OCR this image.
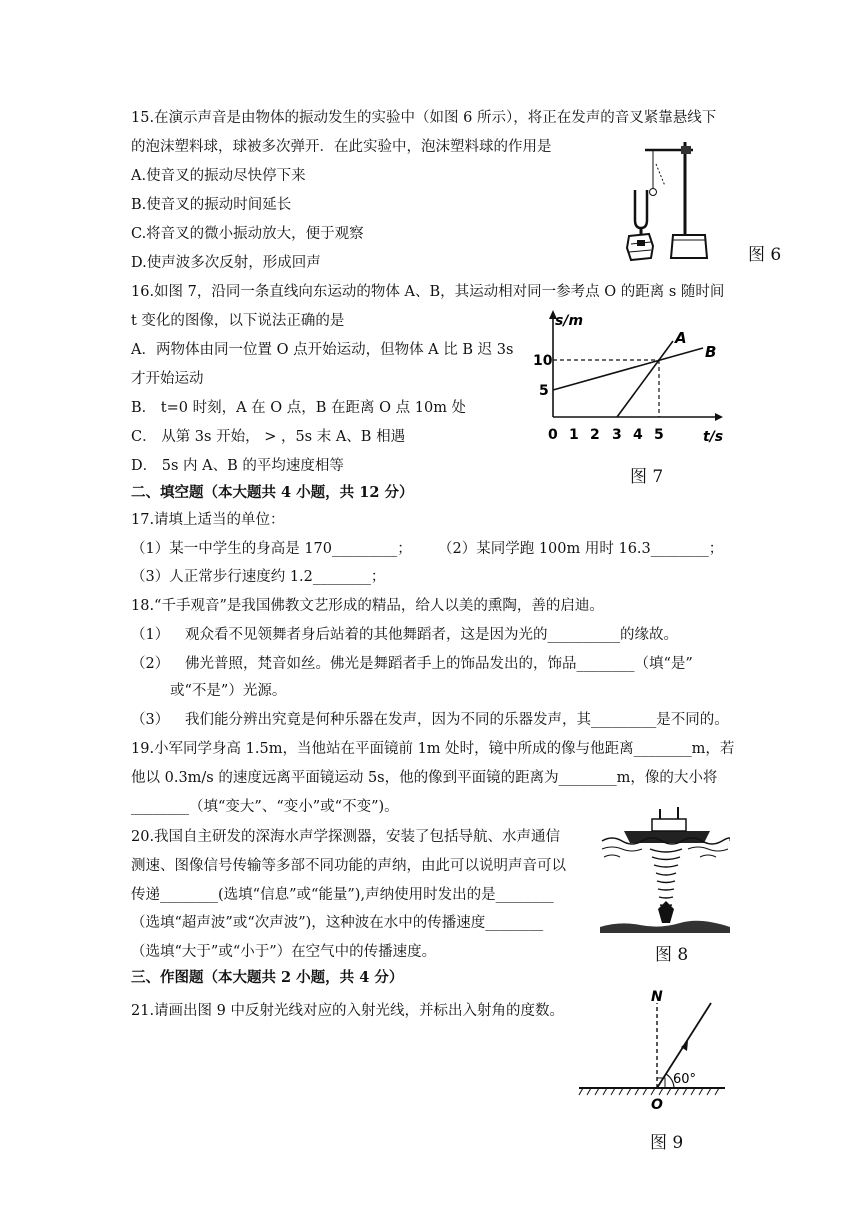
15.在演示声音是由物体的振动发生的实验中（如图 6 所示），将正在发声的音叉紧靠悬线下
的泡沫塑料球，球被多次弹开．在此实验中，泡沫塑料球的作用是
A.使音叉的振动尽快停下来
B.使音叉的振动时间延长
C.将音叉的微小振动放大，便于观察
D.使声波多次反射，形成回声	图 6
16.如图 7，沿同一条直线向东运动的物体 A、B，其运动相对同一参考点 O 的距离 s 随时间
t 变化的图像，以下说法正确的是
A．两物体由同一位置 O 点开始运动，但物体 A 比 B 迟 3s
才开始运动
B． t=0 时刻，A 在 O 点，B 在距离 O 点 10m 处
C． 从第 3s 开始， > ，5s 末 A、B 相遇
D． 5s 内 A、B 的平均速度相等
s/m
t/s
10
5
0 1 2 3 4 5
A
B
图 7
二、填空题（本大题共 4 小题，共 12 分）
17.请填上适当的单位：
（1）某一中学生的身高是 170_________； （2）某同学跑 100m 用时 16.3________；
（3）人正常步行速度约 1.2________；
18.“千手观音”是我国佛教文艺形成的精品，给人以美的熏陶，善的启迪。
（1） 观众看不见领舞者身后站着的其他舞蹈者，这是因为光的__________的缘故。
（2） 佛光普照，梵音如丝。佛光是舞蹈者手上的饰品发出的，饰品________（填“是”
或“不是”）光源。
（3） 我们能分辨出究竟是何种乐器在发声，因为不同的乐器发声，其_________是不同的。
19.小军同学身高 1.5m，当他站在平面镜前 1m 处时，镜中所成的像与他距离________m，若
他以 0.3m/s 的速度远离平面镜运动 5s，他的像到平面镜的距离为________m，像的大小将
________（填“变大”、“变小”或“不变”)。
20.我国自主研发的深海水声学探测器，安装了包括导航、水声通信
测速、图像信号传输等多部不同功能的声纳，由此可以说明声音可以
传递________(选填“信息”或“能量”),声纳使用时发出的是________
（选填“超声波”或“次声波”)，这种波在水中的传播速度________
（选填“大于”或“小于”）在空气中的传播速度。	图 8
三、作图题（本大题共 2 小题，共 4 分）
21.请画出图 9 中反射光线对应的入射光线，并标出入射角的度数。
N
O
60°
图 9
